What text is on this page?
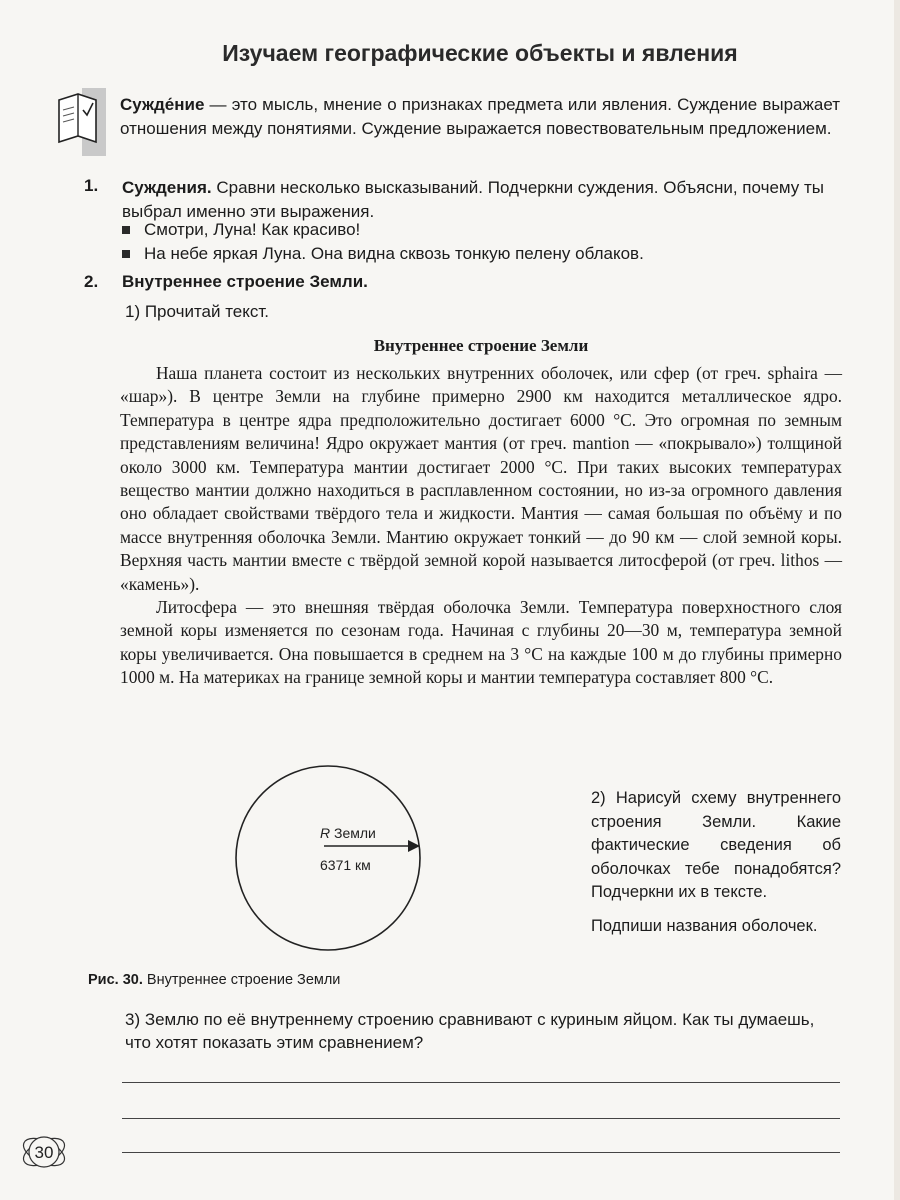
Изучаем географические объекты и явления
Сужде́ние — это мысль, мнение о признаках предмета или явления. Суждение выражает отношения между понятиями. Суждение выражается повествовательным предложением.
1. Суждения. Сравни несколько высказываний. Подчеркни суждения. Объясни, почему ты выбрал именно эти выражения.
Смотри, Луна! Как красиво!
На небе яркая Луна. Она видна сквозь тонкую пелену облаков.
2. Внутреннее строение Земли.
1) Прочитай текст.
Внутреннее строение Земли

Наша планета состоит из нескольких внутренних оболочек, или сфер (от греч. sphaira — «шар»). В центре Земли на глубине примерно 2900 км находится металлическое ядро. Температура в центре ядра предположительно достигает 6000 °С. Это огромная по земным представлениям величина! Ядро окружает мантия (от греч. mantion — «покрывало») толщиной около 3000 км. Температура мантии достигает 2000 °С. При таких высоких температурах вещество мантии должно находиться в расплавленном состоянии, но из-за огромного давления оно обладает свойствами твёрдого тела и жидкости. Мантия — самая большая по объёму и по массе внутренняя оболочка Земли. Мантию окружает тонкий — до 90 км — слой земной коры. Верхняя часть мантии вместе с твёрдой земной корой называется литосферой (от греч. lithos — «камень»).

Литосфера — это внешняя твёрдая оболочка Земли. Температура поверхностного слоя земной коры изменяется по сезонам года. Начиная с глубины 20—30 м, температура земной коры увеличивается. Она повышается в среднем на 3 °С на каждые 100 м до глубины примерно 1000 м. На материках на границе земной коры и мантии температура составляет 800 °С.

R Земли
6371 км

2) Нарисуй схему внутреннего строения Земли. Какие фактические сведения об оболочках тебе понадобятся? Подчеркни их в тексте.

Подпиши названия оболочек.

Рис. 30. Внутреннее строение Земли
3) Землю по её внутреннему строению сравнивают с куриным яйцом. Как ты думаешь, что хотят показать этим сравнением?
30
